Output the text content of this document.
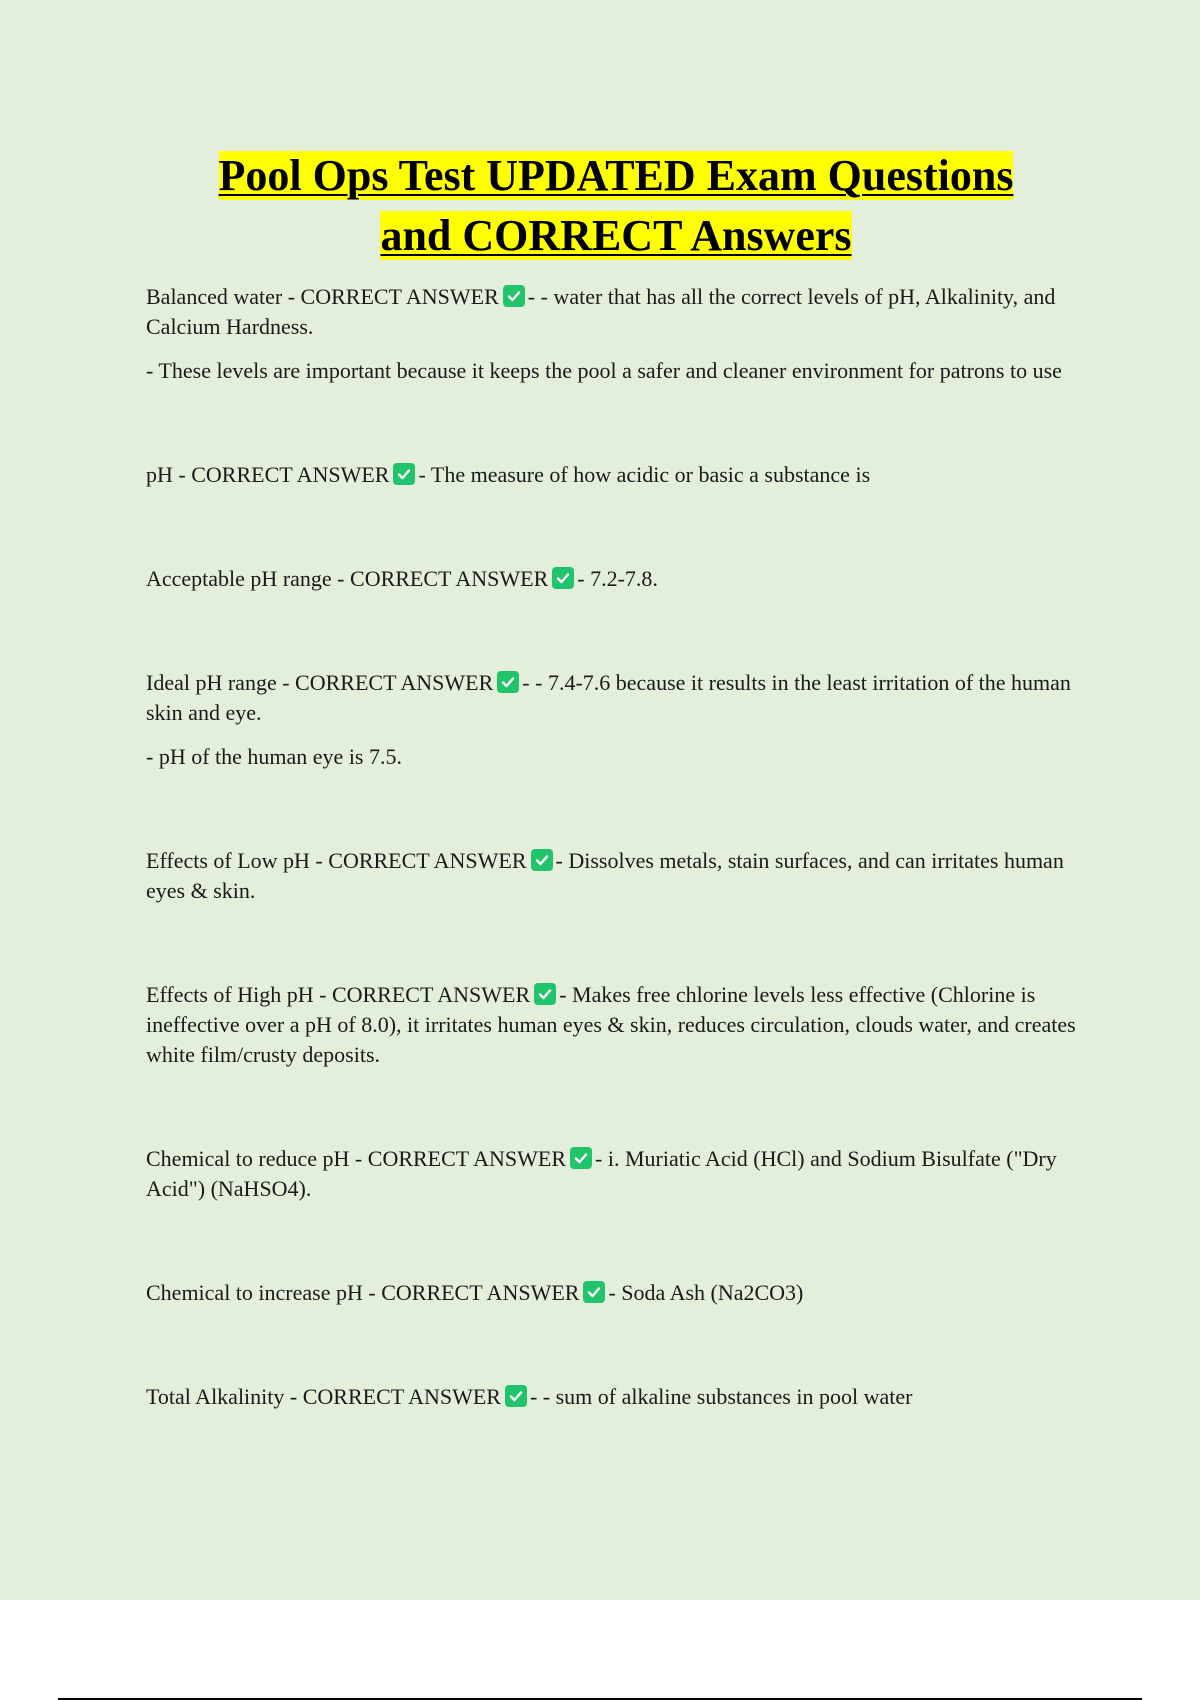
Pool Ops Test UPDATED Exam Questions
and CORRECT Answers

Balanced water - CORRECT ANSWER - - water that has all the correct levels of pH, Alkalinity, and Calcium Hardness.

- These levels are important because it keeps the pool a safer and cleaner environment for patrons to use

pH - CORRECT ANSWER - The measure of how acidic or basic a substance is

Acceptable pH range - CORRECT ANSWER - 7.2-7.8.

Ideal pH range - CORRECT ANSWER - - 7.4-7.6 because it results in the least irritation of the human skin and eye.

- pH of the human eye is 7.5.

Effects of Low pH - CORRECT ANSWER - Dissolves metals, stain surfaces, and can irritates human eyes & skin.

Effects of High pH - CORRECT ANSWER - Makes free chlorine levels less effective (Chlorine is ineffective over a pH of 8.0), it irritates human eyes & skin, reduces circulation, clouds water, and creates white film/crusty deposits.

Chemical to reduce pH - CORRECT ANSWER - i. Muriatic Acid (HCl) and Sodium Bisulfate ("Dry Acid") (NaHSO4).

Chemical to increase pH - CORRECT ANSWER - Soda Ash (Na2CO3)

Total Alkalinity - CORRECT ANSWER - - sum of alkaline substances in pool water
